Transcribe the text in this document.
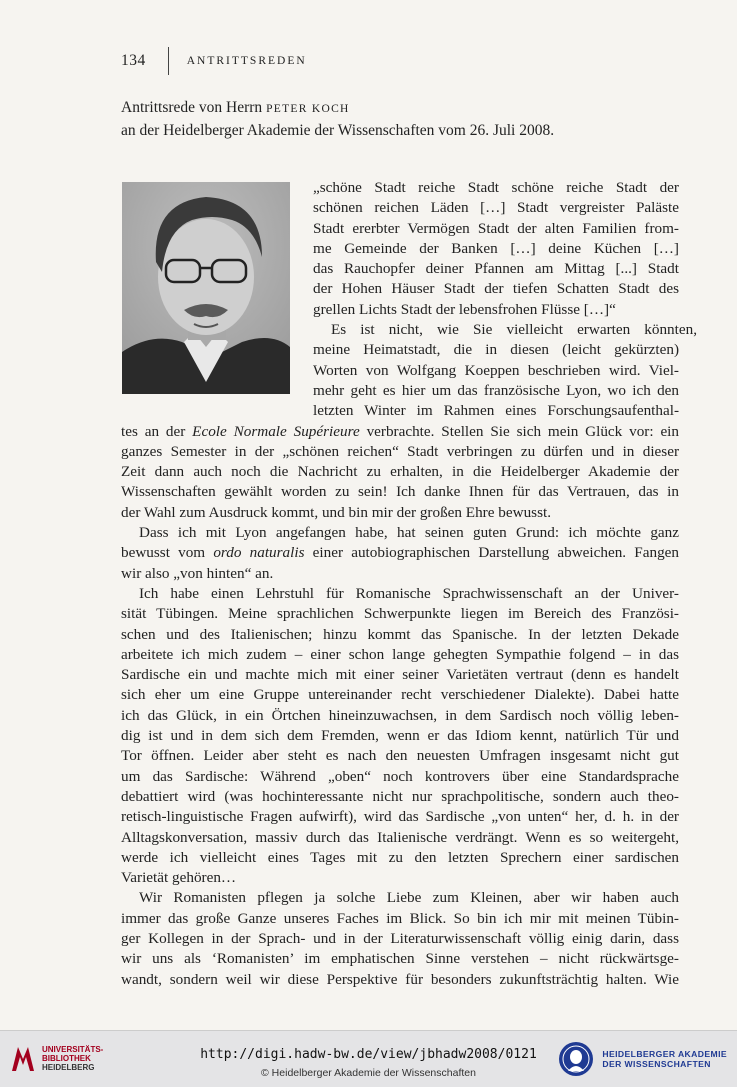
134	ANTRITTSREDEN
Antrittsrede von Herrn PETER KOCH
an der Heidelberger Akademie der Wissenschaften vom 26. Juli 2008.
„schöne Stadt reiche Stadt schöne reiche Stadt der
schönen reichen Läden […] Stadt vergreister Paläste
Stadt ererbter Vermögen Stadt der alten Familien from-
me Gemeinde der Banken […] deine Küchen […]
das Rauchopfer deiner Pfannen am Mittag [...] Stadt
der Hohen Häuser Stadt der tiefen Schatten Stadt des
grellen Lichts Stadt der lebensfrohen Flüsse […]“
Es ist nicht, wie Sie vielleicht erwarten könnten,
meine Heimatstadt, die in diesen (leicht gekürzten)
Worten von Wolfgang Koeppen beschrieben wird. Viel-
mehr geht es hier um das französische Lyon, wo ich den
letzten Winter im Rahmen eines Forschungsaufenthal-
tes an der Ecole Normale Supérieure verbrachte. Stellen Sie sich mein Glück vor: ein
ganzes Semester in der „schönen reichen“ Stadt verbringen zu dürfen und in dieser
Zeit dann auch noch die Nachricht zu erhalten, in die Heidelberger Akademie der
Wissenschaften gewählt worden zu sein! Ich danke Ihnen für das Vertrauen, das in
der Wahl zum Ausdruck kommt, und bin mir der großen Ehre bewusst.
Dass ich mit Lyon angefangen habe, hat seinen guten Grund: ich möchte ganz
bewusst vom ordo naturalis einer autobiographischen Darstellung abweichen. Fangen
wir also „von hinten“ an.
Ich habe einen Lehrstuhl für Romanische Sprachwissenschaft an der Univer-
sität Tübingen. Meine sprachlichen Schwerpunkte liegen im Bereich des Französi-
schen und des Italienischen; hinzu kommt das Spanische. In der letzten Dekade
arbeitete ich mich zudem – einer schon lange gehegten Sympathie folgend – in das
Sardische ein und machte mich mit einer seiner Varietäten vertraut (denn es handelt
sich eher um eine Gruppe untereinander recht verschiedener Dialekte). Dabei hatte
ich das Glück, in ein Örtchen hineinzuwachsen, in dem Sardisch noch völlig leben-
dig ist und in dem sich dem Fremden, wenn er das Idiom kennt, natürlich Tür und
Tor öffnen. Leider aber steht es nach den neuesten Umfragen insgesamt nicht gut
um das Sardische: Während „oben“ noch kontrovers über eine Standardsprache
debattiert wird (was hochinteressante nicht nur sprachpolitische, sondern auch theo-
retisch-linguistische Fragen aufwirft), wird das Sardische „von unten“ her, d. h. in der
Alltagskonversation, massiv durch das Italienische verdrängt. Wenn es so weitergeht,
werde ich vielleicht eines Tages mit zu den letzten Sprechern einer sardischen
Varietät gehören…
Wir Romanisten pflegen ja solche Liebe zum Kleinen, aber wir haben auch
immer das große Ganze unseres Faches im Blick. So bin ich mir mit meinen Tübin-
ger Kollegen in der Sprach- und in der Literaturwissenschaft völlig einig darin, dass
wir uns als ‘Romanisten’ im emphatischen Sinne verstehen – nicht rückwärtsge-
wandt, sondern weil wir diese Perspektive für besonders zukunftsträchtig halten. Wie
UNIVERSITÄTS-
BIBLIOTHEK
HEIDELBERG
http://digi.hadw-bw.de/view/jbhadw2008/0121
© Heidelberger Akademie der Wissenschaften
HEIDELBERGER AKADEMIE
DER WISSENSCHAFTEN
